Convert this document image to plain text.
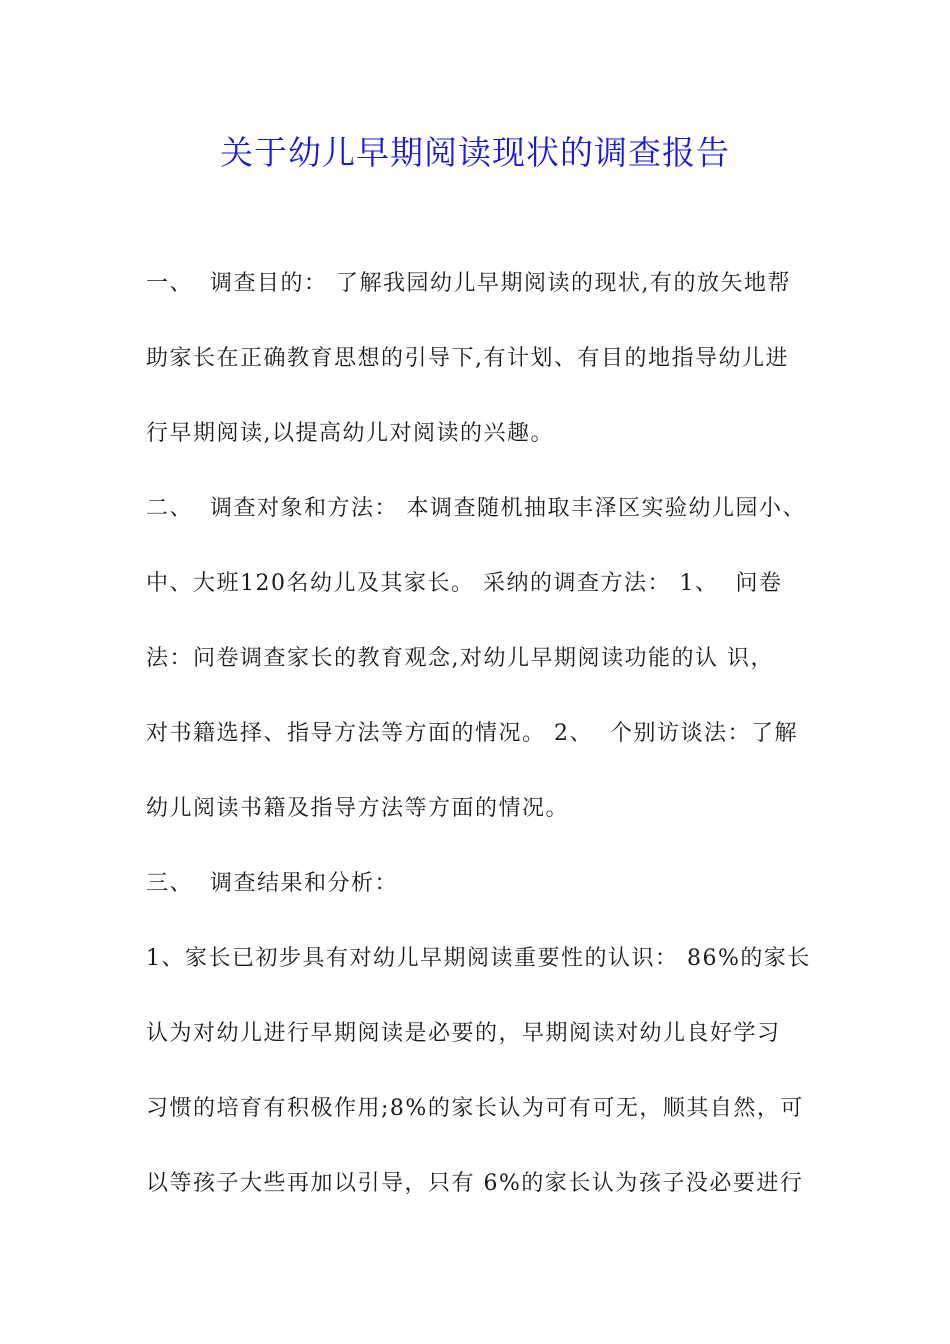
关于幼儿早期阅读现状的调查报告
一、  调查目的： 了解我园幼儿早期阅读的现状,有的放矢地帮
助家长在正确教育思想的引导下,有计划、有目的地指导幼儿进
行早期阅读,以提高幼儿对阅读的兴趣。
二、  调查对象和方法： 本调查随机抽取丰泽区实验幼儿园小、
中、大班120名幼儿及其家长。 采纳的调查方法： 1、  问卷
法：问卷调查家长的教育观念,对幼儿早期阅读功能的认 识，
对书籍选择、指导方法等方面的情况。 2、  个别访谈法：了解
幼儿阅读书籍及指导方法等方面的情况。
三、  调查结果和分析：
1、家长已初步具有对幼儿早期阅读重要性的认识： 86%的家长
认为对幼儿进行早期阅读是必要的，早期阅读对幼儿良好学习
习惯的培育有积极作用;8%的家长认为可有可无，顺其自然，可
以等孩子大些再加以引导，只有 6%的家长认为孩子没必要进行
